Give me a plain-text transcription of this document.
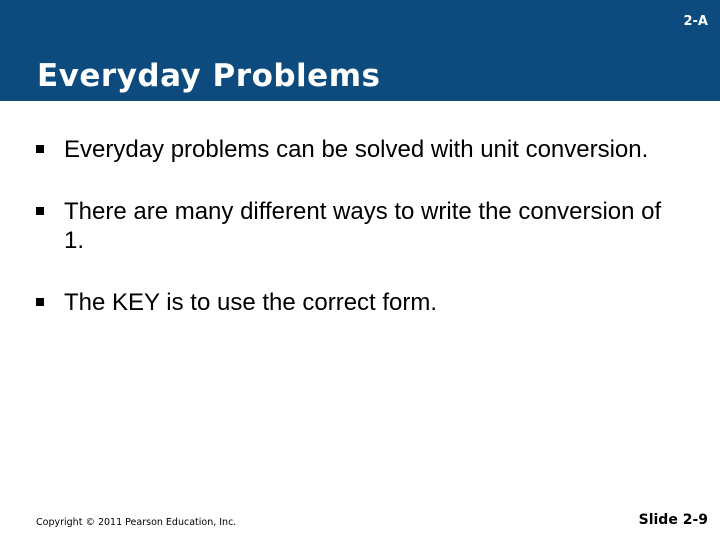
2-A
Everyday Problems
Everyday problems can be solved with unit conversion.
There are many different ways to write the conversion of 1.
The KEY is to use the correct form.
Copyright © 2011 Pearson Education, Inc.	Slide 2-9
